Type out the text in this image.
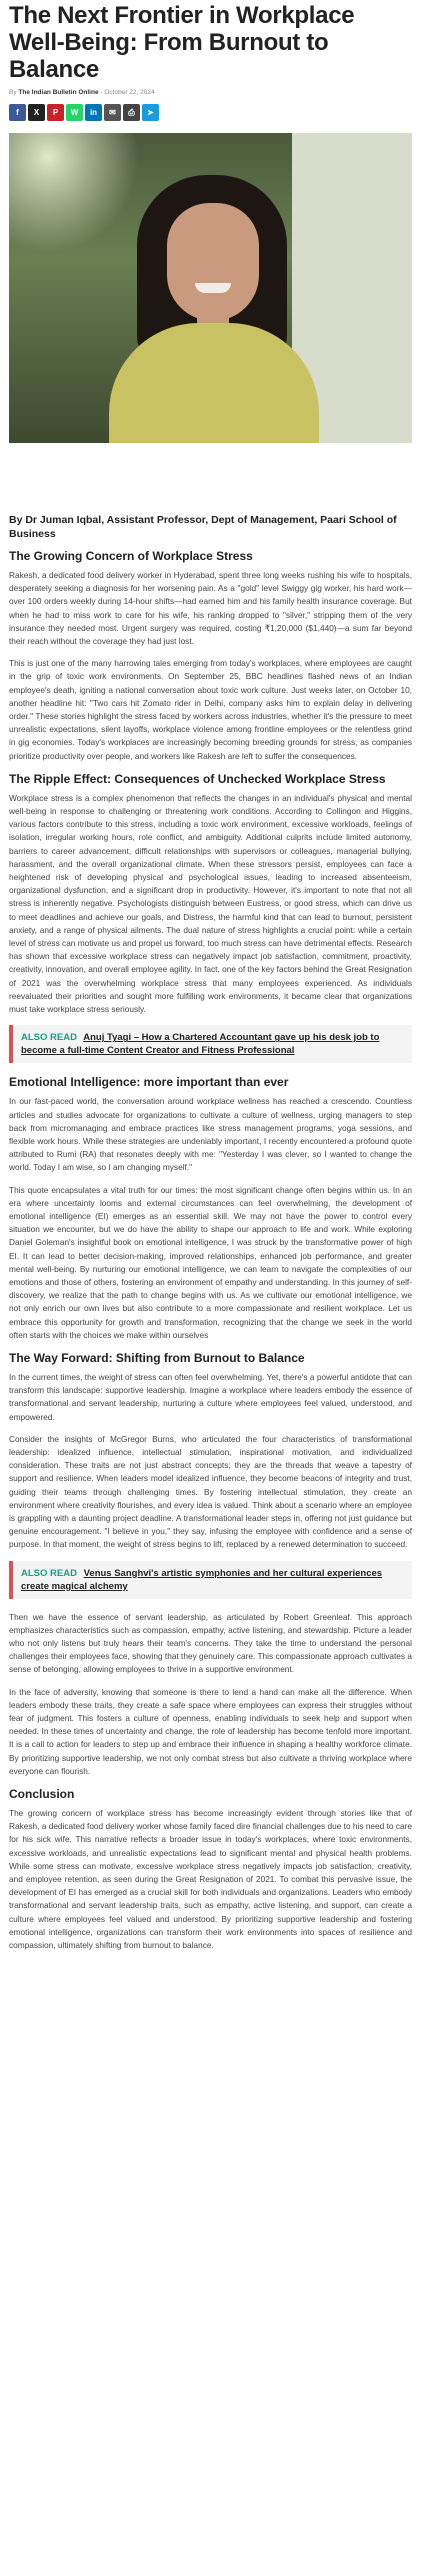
The Next Frontier in Workplace Well-Being: From Burnout to Balance
By The Indian Bulletin Online - October 22, 2024
f	X	P	W	in	✉	⎙	➤

By Dr Juman Iqbal, Assistant Professor, Dept of Management, Paari School of Business

The Growing Concern of Workplace Stress

Rakesh, a dedicated food delivery worker in Hyderabad, spent three long weeks rushing his wife to hospitals, desperately seeking a diagnosis for her worsening pain. As a "gold" level Swiggy gig worker, his hard work—over 100 orders weekly during 14-hour shifts—had earned him and his family health insurance coverage. But when he had to miss work to care for his wife, his ranking dropped to "silver," stripping them of the very insurance they needed most. Urgent surgery was required, costing ₹1,20,000 ($1,440)—a sum far beyond their reach without the coverage they had just lost.

This is just one of the many harrowing tales emerging from today's workplaces, where employees are caught in the grip of toxic work environments. On September 25, BBC headlines flashed news of an Indian employee's death, igniting a national conversation about toxic work culture. Just weeks later, on October 10, another headline hit: "Two cars hit Zomato rider in Delhi, company asks him to explain delay in delivering order." These stories highlight the stress faced by workers across industries, whether it's the pressure to meet unrealistic expectations, silent layoffs, workplace violence among frontline employees or the relentless grind in gig economies. Today's workplaces are increasingly becoming breeding grounds for stress, as companies prioritize productivity over people, and workers like Rakesh are left to suffer the consequences.

The Ripple Effect: Consequences of Unchecked Workplace Stress

Workplace stress is a complex phenomenon that reflects the changes in an individual's physical and mental well-being in response to challenging or threatening work conditions. According to Collingon and Higgins, various factors contribute to this stress, including a toxic work environment, excessive workloads, feelings of isolation, irregular working hours, role conflict, and ambiguity. Additional culprits include limited autonomy, barriers to career advancement, difficult relationships with supervisors or colleagues, managerial bullying, harassment, and the overall organizational climate. When these stressors persist, employees can face a heightened risk of developing physical and psychological issues, leading to increased absenteeism, organizational dysfunction, and a significant drop in productivity. However, it's important to note that not all stress is inherently negative. Psychologists distinguish between Eustress, or good stress, which can drive us to meet deadlines and achieve our goals, and Distress, the harmful kind that can lead to burnout, persistent anxiety, and a range of physical ailments. The dual nature of stress highlights a crucial point: while a certain level of stress can motivate us and propel us forward, too much stress can have detrimental effects. Research has shown that excessive workplace stress can negatively impact job satisfaction, commitment, proactivity, creativity, innovation, and overall employee agility. In fact, one of the key factors behind the Great Resignation of 2021 was the overwhelming workplace stress that many employees experienced. As individuals reevaluated their priorities and sought more fulfilling work environments, it became clear that organizations must take workplace stress seriously.

ALSO READ Anuj Tyagi – How a Chartered Accountant gave up his desk job to become a full-time Content Creator and Fitness Professional
Emotional Intelligence: more important than ever

In our fast-paced world, the conversation around workplace wellness has reached a crescendo. Countless articles and studies advocate for organizations to cultivate a culture of wellness, urging managers to step back from micromanaging and embrace practices like stress management programs, yoga sessions, and flexible work hours. While these strategies are undeniably important, I recently encountered a profound quote attributed to Rumi (RA) that resonates deeply with me: "Yesterday I was clever, so I wanted to change the world. Today I am wise, so I am changing myself."

This quote encapsulates a vital truth for our times: the most significant change often begins within us. In an era where uncertainty looms and external circumstances can feel overwhelming, the development of emotional intelligence (EI) emerges as an essential skill. We may not have the power to control every situation we encounter, but we do have the ability to shape our approach to life and work. While exploring Daniel Goleman's insightful book on emotional intelligence, I was struck by the transformative power of high EI. It can lead to better decision-making, improved relationships, enhanced job performance, and greater mental well-being. By nurturing our emotional intelligence, we can learn to navigate the complexities of our emotions and those of others, fostering an environment of empathy and understanding. In this journey of self-discovery, we realize that the path to change begins with us. As we cultivate our emotional intelligence, we not only enrich our own lives but also contribute to a more compassionate and resilient workplace. Let us embrace this opportunity for growth and transformation, recognizing that the change we seek in the world often starts with the choices we make within ourselves

The Way Forward: Shifting from Burnout to Balance

In the current times, the weight of stress can often feel overwhelming. Yet, there's a powerful antidote that can transform this landscape: supportive leadership. Imagine a workplace where leaders embody the essence of transformational and servant leadership, nurturing a culture where employees feel valued, understood, and empowered.

Consider the insights of McGregor Burns, who articulated the four characteristics of transformational leadership: idealized influence, intellectual stimulation, inspirational motivation, and individualized consideration. These traits are not just abstract concepts; they are the threads that weave a tapestry of support and resilience. When leaders model idealized influence, they become beacons of integrity and trust, guiding their teams through challenging times. By fostering intellectual stimulation, they create an environment where creativity flourishes, and every idea is valued. Think about a scenario where an employee is grappling with a daunting project deadline. A transformational leader steps in, offering not just guidance but genuine encouragement. "I believe in you," they say, infusing the employee with confidence and a sense of purpose. In that moment, the weight of stress begins to lift, replaced by a renewed determination to succeed.

ALSO READ Venus Sanghvi's artistic symphonies and her cultural experiences create magical alchemy

Then we have the essence of servant leadership, as articulated by Robert Greenleaf. This approach emphasizes characteristics such as compassion, empathy, active listening, and stewardship. Picture a leader who not only listens but truly hears their team's concerns. They take the time to understand the personal challenges their employees face, showing that they genuinely care. This compassionate approach cultivates a sense of belonging, allowing employees to thrive in a supportive environment.

In the face of adversity, knowing that someone is there to lend a hand can make all the difference. When leaders embody these traits, they create a safe space where employees can express their struggles without fear of judgment. This fosters a culture of openness, enabling individuals to seek help and support when needed. In these times of uncertainty and change, the role of leadership has become tenfold more important. It is a call to action for leaders to step up and embrace their influence in shaping a healthy workforce climate. By prioritizing supportive leadership, we not only combat stress but also cultivate a thriving workplace where everyone can flourish.

Conclusion

The growing concern of workplace stress has become increasingly evident through stories like that of Rakesh, a dedicated food delivery worker whose family faced dire financial challenges due to his need to care for his sick wife. This narrative reflects a broader issue in today's workplaces, where toxic environments, excessive workloads, and unrealistic expectations lead to significant mental and physical health problems. While some stress can motivate, excessive workplace stress negatively impacts job satisfaction, creativity, and employee retention, as seen during the Great Resignation of 2021. To combat this pervasive issue, the development of EI has emerged as a crucial skill for both individuals and organizations. Leaders who embody transformational and servant leadership traits, such as empathy, active listening, and support, can create a culture where employees feel valued and understood. By prioritizing supportive leadership and fostering emotional intelligence, organizations can transform their work environments into spaces of resilience and compassion, ultimately shifting from burnout to balance.
